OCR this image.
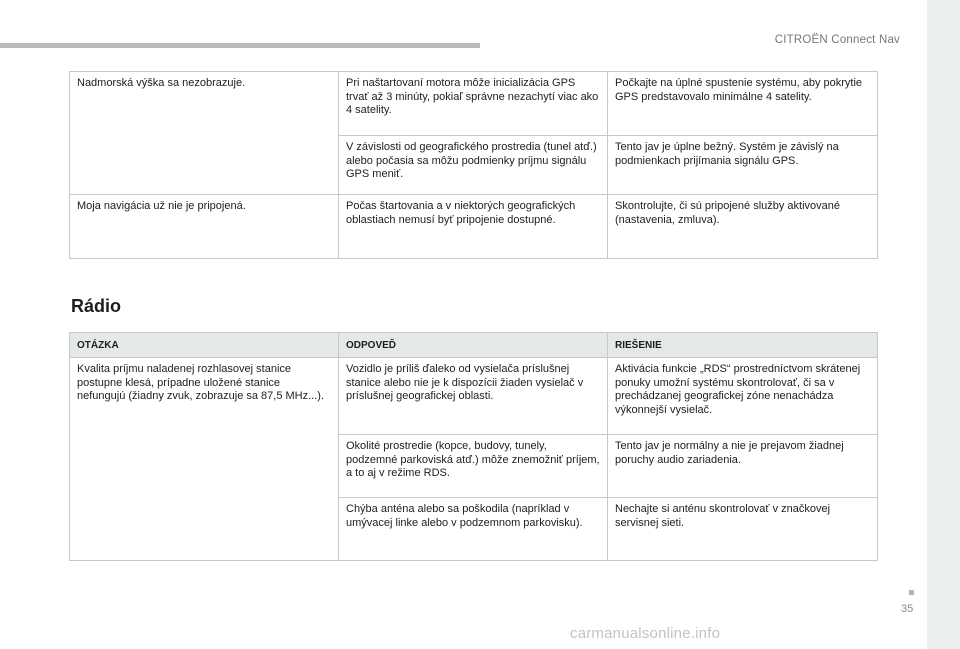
CITROËN Connect Nav
Nadmorská výška sa nezobrazuje.	Pri naštartovaní motora môže inicializácia GPS trvať až 3 minúty, pokiaľ správne nezachytí viac ako 4 satelity.	Počkajte na úplné spustenie systému, aby pokrytie GPS predstavovalo minimálne 4 satelity.
	V závislosti od geografického prostredia (tunel atď.) alebo počasia sa môžu podmienky príjmu signálu GPS meniť.	Tento jav je úplne bežný. Systém je závislý na podmienkach prijímania signálu GPS.
Moja navigácia už nie je pripojená.	Počas štartovania a v niektorých geografických oblastiach nemusí byť pripojenie dostupné.	Skontrolujte, či sú pripojené služby aktivované (nastavenia, zmluva).
Rádio
OTÁZKA	ODPOVEĎ	RIEŠENIE
Kvalita príjmu naladenej rozhlasovej stanice postupne klesá, prípadne uložené stanice nefungujú (žiadny zvuk, zobrazuje sa 87,5 MHz...).	Vozidlo je príliš ďaleko od vysielača príslušnej stanice alebo nie je k dispozícii žiaden vysielač v príslušnej geografickej oblasti.	Aktivácia funkcie „RDS“ prostredníctvom skrátenej ponuky umožní systému skontrolovať, či sa v prechádzanej geografickej zóne nenachádza výkonnejší vysielač.
	Okolité prostredie (kopce, budovy, tunely, podzemné parkoviská atď.) môže znemožniť príjem, a to aj v režime RDS.	Tento jav je normálny a nie je prejavom žiadnej poruchy audio zariadenia.
	Chýba anténa alebo sa poškodila (napríklad v umývacej linke alebo v podzemnom parkovisku).	Nechajte si anténu skontrolovať v značkovej servisnej sieti.
35
carmanualsonline.info
